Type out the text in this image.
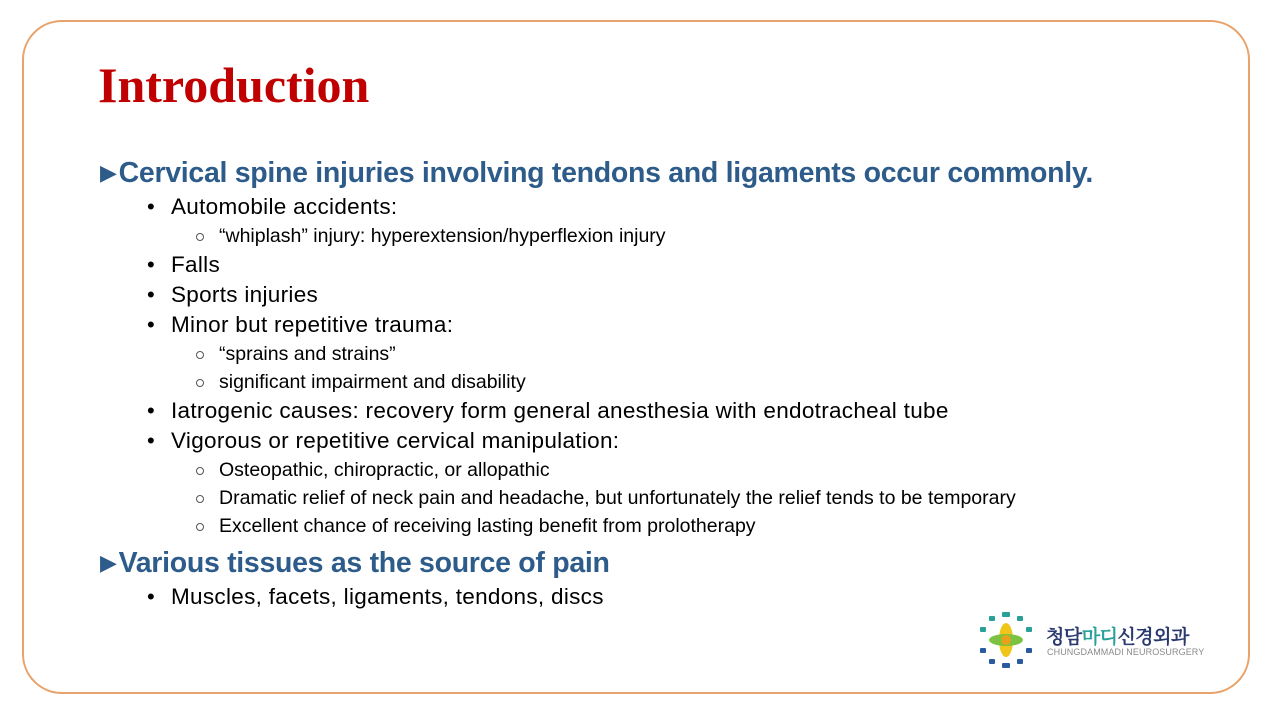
Introduction
▶ Cervical spine injuries involving tendons and ligaments occur commonly.
• Automobile accidents:
“whiplash” injury: hyperextension/hyperflexion injury
• Falls
• Sports injuries
• Minor but repetitive trauma:
“sprains and strains”
significant impairment and disability
• Iatrogenic causes: recovery form general anesthesia with endotracheal tube
• Vigorous or repetitive cervical manipulation:
Osteopathic, chiropractic, or allopathic
Dramatic relief of neck pain and headache, but unfortunately the relief tends to be temporary
Excellent chance of receiving lasting benefit from prolotherapy
▶ Various tissues as the source of pain
• Muscles, facets, ligaments, tendons, discs
청담마디신경외과
CHUNGDAMMADI NEUROSURGERY
